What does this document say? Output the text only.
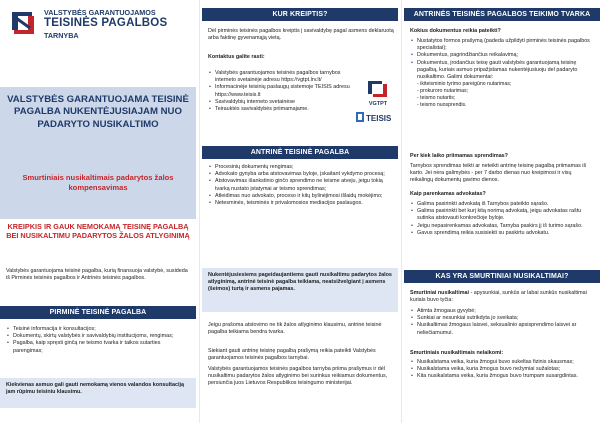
VALSTYBĖS GARANTUOJAMOS
TEISINĖS PAGALBOS
TARNYBA
VALSTYBĖS GARANTUOJAMA TEISINĖ PAGALBA NUKENTĖJUSIAJAM NUO PADARYTO NUSIKALTIMO
Smurtiniais nusikaltimais padarytos žalos kompensavimas
KREIPKIS IR GAUK NEMOKAMĄ TEISINĘ PAGALBĄ BEI NUSIKALTIMU PADARYTOS ŽALOS ATLYGINIMĄ

Valstybės garantuojama teisinė pagalba, kurią finansuoja valstybė, susideda iš Pirminės teisinės pagalbos ir Antrinės teisinės pagalbos.

PIRMINĖ TEISINĖ PAGALBA
• Teisinė informacija ir konsultacijos;
• Dokumentų, skirtų valstybės ir savivaldybių institucijoms, rengimas;
• Pagalba, kaip spręsti ginčą ne teismo tvarka ir taikos sutarties parengimas;

Kiekvienas asmuo gali gauti nemokamą vienos valandos konsultaciją jam rūpimu teisiniu klausimu.

KUR KREIPTIS?

Dėl pirminės teisinės pagalbos kreiptis į savivaldybę pagal asmens deklaruotą arba faktinę gyvenamąją vietą.

Kontaktus galite rasti:

• Valstybės garantuojamos teisinės pagalbos tarnybos interneto svetainėje adresu https://vgtpt.lrv.lt/
• Informacinėje teisinių paslaugų sistemoje TEISIS adresu https://www.teisis.lt
• Savivaldybių interneto svetainėse
• Teirauktės savivaldybės priimamajame.
VGTPT
TEISIS
ANTRINĖ TEISINĖ PAGALBA
• Procesinių dokumentų rengimas;
• Advokato gynyba arba atstovavimas byloje, įskaitant vykdymo procesą;
• Atstovavimas išankstinio ginčo sprendimo ne teisme atveju, jeigu tokią tvarką nustato įstatymai ar teismo sprendimas;
• Atleidimas nuo advokato, proceso ir kitų bylinėjimosi išlaidų mokėjimo;
• Netesminės, teisminės ir privalomosios mediacijos paslaugos.

Nukentėjusiesiems pageidaujantiems gauti nusikaltimu padarytos žalos atlyginimą, antrinė teisinė pagalba teikiama, neatsižvelgiant į asmens (šeimos) turtą ir asmens pajamas.

Jeigu prašoma atstovimo ne tik žalos atlyginimo klausimu, antrinė teisinė pagalba teikiama bendra tvarka.

Siekiant gauti antrinę teisinę pagalbą prašymą reikia pateikti Valstybės garantuojamos teisinės pagalbos tarnybai.

Valstybės garantuojamos teisinės pagalbos tarnyba priima prašymus ir dėl nusikaltimu padarytos žalos atlyginimo bei surinkus reikiamus dokumentus, persiunčia juos Lietuvos Respublikos teisingumo ministerijai.

ANTRINĖS TEISINĖS PAGALBOS TEIKIMO TVARKA

Kokius dokumentus reikia pateikti?

• Nustatytos formos prašymą (padeda užpildyti pirminės teisinės pagalbos specialistai);
• Dokumentus, pagrindžiančius reikalavimą;
• Dokumentus, įrodančius teisę gauti valstybės garantuojamą teisinę pagalbą, kuriais asmuo pripažįstamas nukentėjusiuoju del padaryto nusikaltimo. Galimi dokumentai:
- ikiteisminio tyrimo pareigūno nutarimas;
- prokuroro nutarimas;
- teismo nutartis;
- teismo nuosprendis.

Per kiek laiko priimamas sprendimas?

Tarnybos sprendimas teikti ar neteikti antrinę teisinę pagalbą priimamas iš karto. Jei nėra galimybės - per 7 darbo dienas nuo kreipimosi ir visų reikalingų dokumentų gavimo dienos.

Kaip parenkamas advokatas?

• Galima pasirinkti advokatą iš Tarnybos pateikto sąrašo.
• Galima pasirinkti bet kurį kitą norimą advokatą, jeigu advokatas raštu sutinka atstovauti konkrečioje byloje.
• Jeigu nepasirenkamas advokatas, Tarnyba paskirs jį iš turimo sąrašo.
• Gavus sprendimą reikia susisiekti su paskirtu advokatu.
KAS YRA SMURTINIAI NUSIKALTIMAI?

Smurtiniai nusikaltimai - apysunkiai, sunkūs ar labai sunkūs nusikaltimai kuriais buvo tyčia:

• Atimta žmogaus gyvybė;
• Sunkiai ar nesunkiai sutrikdyta jo sveikata;
• Nusikaltimas žmogaus laisvei, seksualinio apsisprendimo laisvei ar neliečiamumui.

Smurtiniais nusikaltimais nelaikomi:

• Nusikalstama veika, kuria žmogui buvo sukeltas fizinis skausmas;
• Nusikalstama veika, kuria žmogus buvo nežymiai sužalotas;
• Kita nusikalstama veika, kuria žmogus buvo trumpam susargdintas.
